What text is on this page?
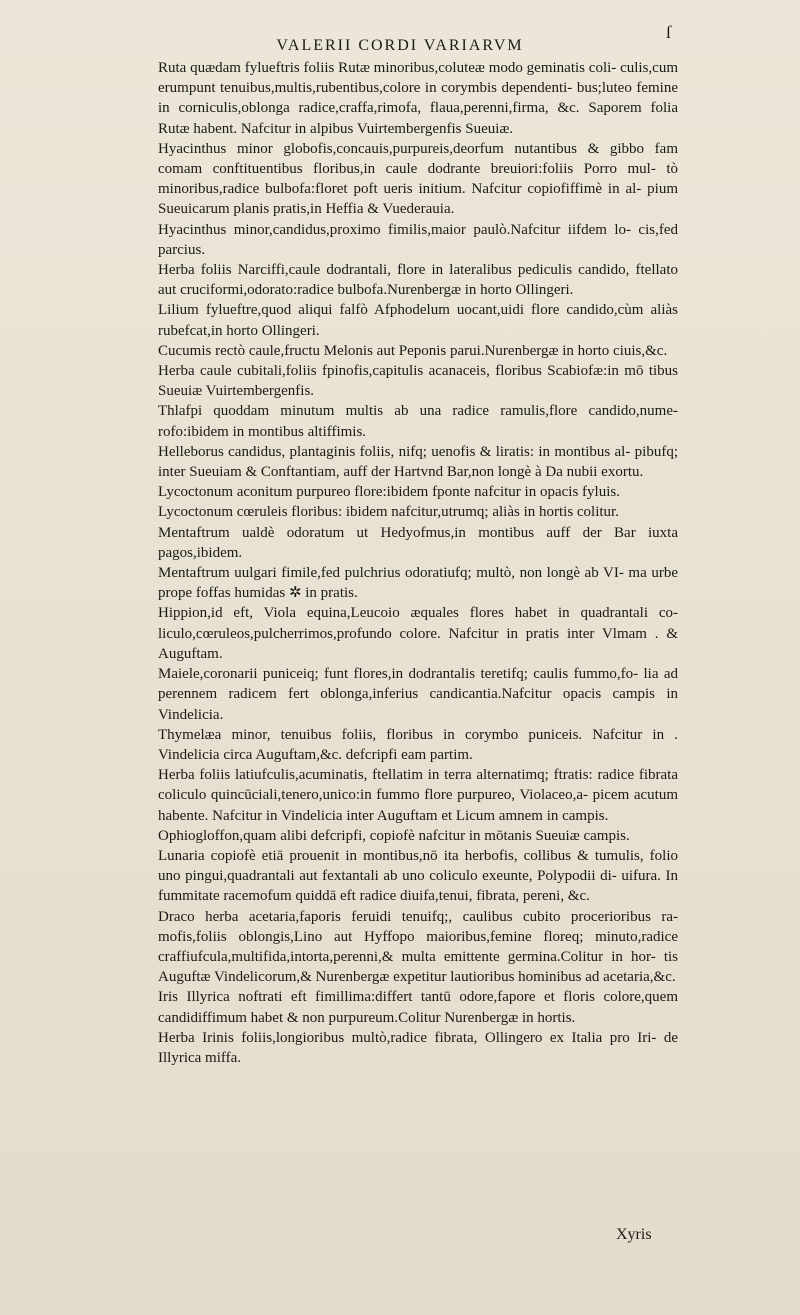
ſ
VALERII CORDI VARIARVM

Ruta quædam fylueftris foliis Rutæ minoribus,coluteæ modo geminatis coli- culis,cum erumpunt tenuibus,multis,rubentibus,colore in corymbis dependenti- bus;luteo femine in corniculis,oblonga radice,craffa,rimofa, flaua,perenni,firma, &c. Saporem folia Rutæ habent. Nafcitur in alpibus Vuirtembergenfis Sueuiæ.

Hyacinthus minor globofis,concauis,purpureis,deorfum nutantibus & gibbo fam comam conftituentibus floribus,in caule dodrante breuiori:foliis Porro mul- tò minoribus,radice bulbofa:floret poft ueris initium. Nafcitur copiofiffimè in al- pium Sueuicarum planis pratis,in Heffia & Vuederauia.

Hyacinthus minor,candidus,proximo fimilis,maior paulò.Nafcitur iifdem lo- cis,fed parcius.

Herba foliis Narciffi,caule dodrantali, flore in lateralibus pediculis candido, ftellato aut cruciformi,odorato:radice bulbofa.Nurenbergæ in horto Ollingeri.

Lilium fylueftre,quod aliqui falfò Afphodelum uocant,uidi flore candido,cùm aliàs rubefcat,in horto Ollingeri.

Cucumis rectò caule,fructu Melonis aut Peponis parui.Nurenbergæ in horto ciuis,&c.

Herba caule cubitali,foliis fpinofis,capitulis acanaceis, floribus Scabiofæ:in mō tibus Sueuiæ Vuirtembergenfis.

Thlafpi quoddam minutum multis ab una radice ramulis,flore candido,nume- rofo:ibidem in montibus altiffimis.

Helleborus candidus, plantaginis foliis, nifq; uenofis & liratis: in montibus al- pibufq; inter Sueuiam & Conftantiam, auff der Hartvnd Bar,non longè à Da nubii exortu.

Lycoctonum aconitum purpureo flore:ibidem fponte nafcitur in opacis fyluis.

Lycoctonum cœruleis floribus: ibidem nafcitur,utrumq; aliàs in hortis colitur.

Mentaftrum ualdè odoratum ut Hedyofmus,in montibus auff der Bar iuxta pagos,ibidem.

Mentaftrum uulgari fimile,fed pulchrius odoratiufq; multò, non longè ab VI- ma urbe prope foffas humidas ✲ in pratis.

Hippion,id eft, Viola equina,Leucoio æquales flores habet in quadrantali co- liculo,cœruleos,pulcherrimos,profundo colore. Nafcitur in pratis inter Vlmam . & Auguftam.

Maiele,coronarii puniceiq; funt flores,in dodrantalis teretifq; caulis fummo,fo- lia ad perennem radicem fert oblonga,inferius candicantia.Nafcitur opacis campis in Vindelicia.

Thymelæa minor, tenuibus foliis, floribus in corymbo puniceis. Nafcitur in . Vindelicia circa Auguftam,&c. defcripfi eam partim.

Herba foliis latiufculis,acuminatis, ftellatim in terra alternatimq; ftratis: radice fibrata coliculo quincūciali,tenero,unico:in fummo flore purpureo, Violaceo,a- picem acutum habente. Nafcitur in Vindelicia inter Auguftam et Licum amnem in campis.

Ophiogloffon,quam alibi defcripfi, copiofè nafcitur in mōtanis Sueuiæ campis.

Lunaria copiofè etiā prouenit in montibus,nō ita herbofis, collibus & tumulis, folio uno pingui,quadrantali aut fextantali ab uno coliculo exeunte, Polypodii di- uifura. In fummitate racemofum quiddā eft radice diuifa,tenui, fibrata, pereni, &c.

Draco herba acetaria,faporis feruidi tenuifq;, caulibus cubito procerioribus ra- mofis,foliis oblongis,Lino aut Hyffopo maioribus,femine floreq; minuto,radice craffiufcula,multifida,intorta,perenni,& multa emittente germina.Colitur in hor- tis Auguftæ Vindelicorum,& Nurenbergæ expetitur lautioribus hominibus ad acetaria,&c.

Iris Illyrica noftrati eft fimillima:differt tantū odore,fapore et floris colore,quem candidiffimum habet & non purpureum.Colitur Nurenbergæ in hortis.

Herba Irinis foliis,longioribus multò,radice fibrata, Ollingero ex Italia pro Iri- de Illyrica miffa.

Xyris
